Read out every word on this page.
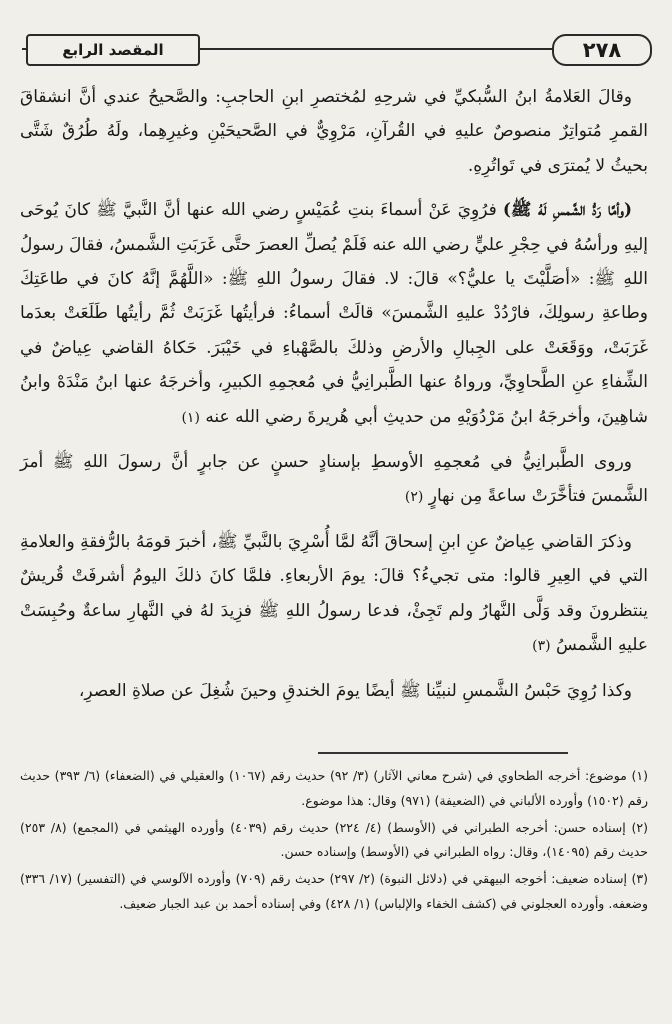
٢٧٨
المقصد الرابع

وقالَ العَلامةُ ابنُ السُّبكيِّ في شرحِهِ لمُختصرِ ابنِ الحاجبِ: والصَّحيحُ عندي أنَّ انشقاقَ القمرِ مُتواتِرٌ منصوصٌ عليهِ في القُرآنِ، مَرْوِيٌّ في الصَّحيحَيْنِ وغيرِهِما، ولَهُ طُرُقٌ شَتَّى بحيثُ لا يُمترَى في تَواتُرِهِ.

(وأمَّا رَدُّ الشَّمسِ لَهُ ﷺ) فرُوِيَ عَنْ أسماءَ بنتِ عُمَيْسٍ رضي الله عنها أنَّ النَّبيَّ ﷺ كانَ يُوحَى إليهِ ورأسُهُ في حِجْرِ عليٍّ رضي الله عنه فَلَمْ يُصلِّ العصرَ حتَّى غَرَبَتِ الشَّمسُ، فقالَ رسولُ اللهِ ﷺ: «أصَلَّيْتَ يا عليُّ؟» قالَ: لا. فقالَ رسولُ اللهِ ﷺ: «اللَّهُمَّ إنَّهُ كانَ في طاعَتِكَ وطاعةِ رسولِكَ، فارْدُدْ عليهِ الشَّمسَ» قالَتْ أسماءُ: فرأيتُها غَرَبَتْ ثُمَّ رأيتُها طَلَعَتْ بعدَما غَرَبَتْ، ووَقَعَتْ على الجِبالِ والأرضِ وذلكَ بالصَّهْباءِ في خَيْبَرَ. حَكاهُ القاضي عِياضٌ في الشِّفاءِ عنِ الطَّحاوِيِّ، ورواهُ عنها الطَّبرانِيُّ في مُعجمِهِ الكبيرِ، وأخرجَهُ عنها ابنُ مَنْدَهْ وابنُ شاهِينَ، وأخرجَهُ ابنُ مَرْدُوَيْهِ من حديثِ أبي هُريرةَ رضي الله عنه (١)

وروى الطَّبرانِيُّ في مُعجمِهِ الأوسطِ بإسنادٍ حسنٍ عن جابرٍ أنَّ رسولَ اللهِ ﷺ أمرَ الشَّمسَ فتأخَّرَتْ ساعةً مِن نهارٍ (٢)

وذكرَ القاضي عِياضٌ عنِ ابنِ إسحاقَ أنَّهُ لمَّا أُسْرِيَ بالنَّبيِّ ﷺ، أخبرَ قومَهُ بالرُّفقةِ والعلامةِ التي في العِيرِ قالوا: متى تجيءُ؟ قالَ: يومَ الأربعاءِ. فلمَّا كانَ ذلكَ اليومُ أشرفَتْ قُريشٌ ينتظرونَ وقد وَلَّى النَّهارُ ولم تَجِئْ، فدعا رسولُ اللهِ ﷺ فزِيدَ لهُ في النَّهارِ ساعةٌ وحُبِسَتْ عليهِ الشَّمسُ (٣)

وكذا رُوِيَ حَبْسُ الشَّمسِ لنبيِّنا ﷺ أيضًا يومَ الخندقِ وحينَ شُغِلَ عن صلاةِ العصرِ،

(١) موضوع: أخرجه الطحاوي في (شرح معاني الآثار) (٣/ ٩٢) حديث رقم (١٠٦٧) والعقيلي في (الضعفاء) (٦/ ٣٩٣) حديث رقم (١٥٠٢) وأورده الألباني في (الضعيفة) (٩٧١) وقال: هذا موضوع.

(٢) إسناده حسن: أخرجه الطبراني في (الأوسط) (٤/ ٢٢٤) حديث رقم (٤٠٣٩) وأورده الهيثمي في (المجمع) (٨/ ٢٥٣) حديث رقم (١٤٠٩٥)، وقال: رواه الطبراني في (الأوسط) وإسناده حسن.

(٣) إسناده ضعيف: أخوجه البيهقي في (دلائل النبوة) (٢/ ٢٩٧) حديث رقم (٧٠٩) وأورده الآلوسي في (التفسير) (١٧/ ٣٣٦) وضعفه. وأورده العجلوني في (كشف الخفاء والإلباس) (١/ ٤٢٨) وفي إسناده أحمد بن عبد الجبار ضعيف.
